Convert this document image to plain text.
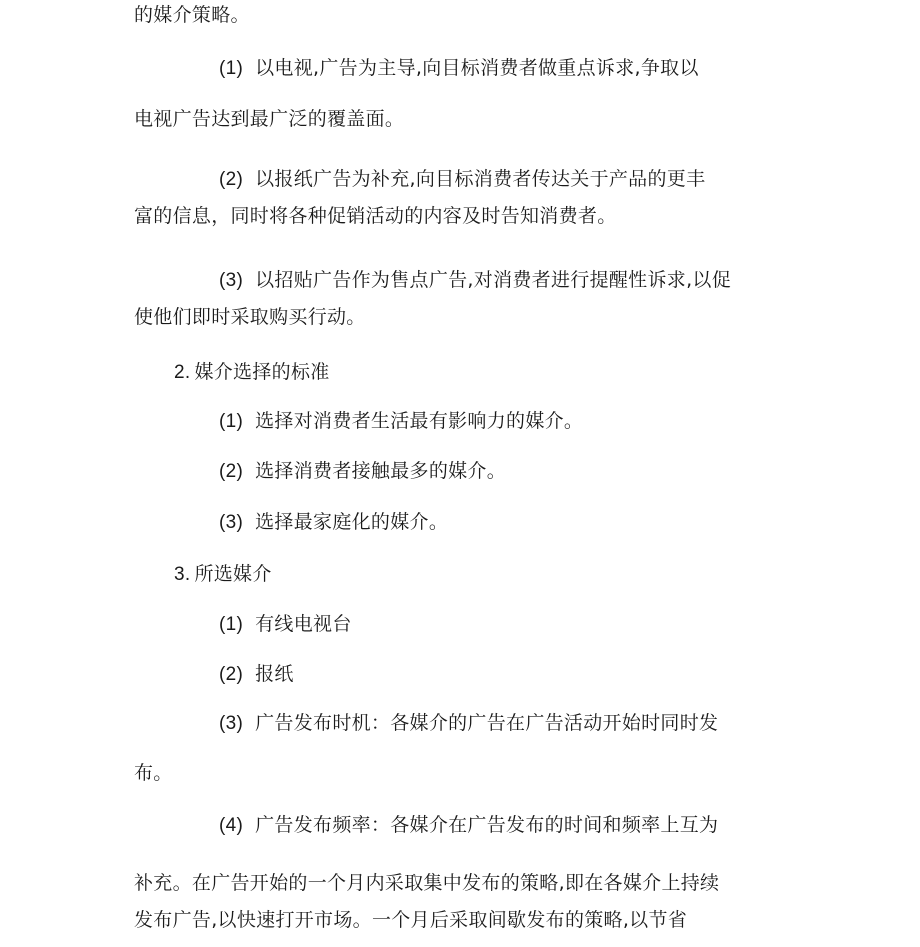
的媒介策略。
(1) 以电视,广告为主导,向目标消费者做重点诉求,争取以
电视广告达到最广泛的覆盖面。
(2) 以报纸广告为补充,向目标消费者传达关于产品的更丰
富的信息，同时将各种促销活动的内容及时告知消费者。
(3) 以招贴广告作为售点广告,对消费者进行提醒性诉求,以促
使他们即时采取购买行动。
2. 媒介选择的标准
(1) 选择对消费者生活最有影响力的媒介。
(2) 选择消费者接触最多的媒介。
(3) 选择最家庭化的媒介。
3. 所选媒介
(1) 有线电视台
(2) 报纸
(3) 广告发布时机：各媒介的广告在广告活动开始时同时发
布。
(4) 广告发布频率：各媒介在广告发布的时间和频率上互为
补充。在广告开始的一个月内采取集中发布的策略,即在各媒介上持续
发布广告,以快速打开市场。一个月后采取间歇发布的策略,以节省
